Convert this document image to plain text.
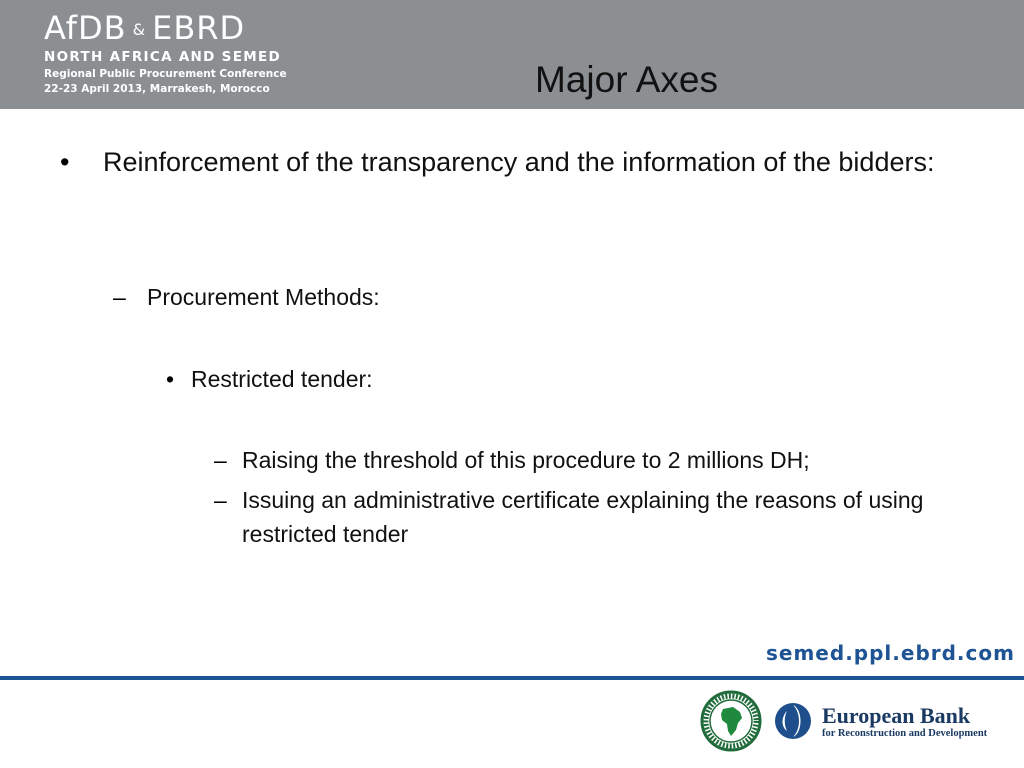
AfDB & EBRD
NORTH AFRICA AND SEMED
Regional Public Procurement Conference
22-23 April 2013, Marrakesh, Morocco	Major Axes
• Reinforcement of the transparency and the information of the bidders:
– Procurement Methods:
• Restricted tender:
– Raising the threshold of this procedure to 2 millions DH;
– Issuing an administrative certificate explaining the reasons of using restricted tender
semed.ppl.ebrd.com
European Bank
for Reconstruction and Development
